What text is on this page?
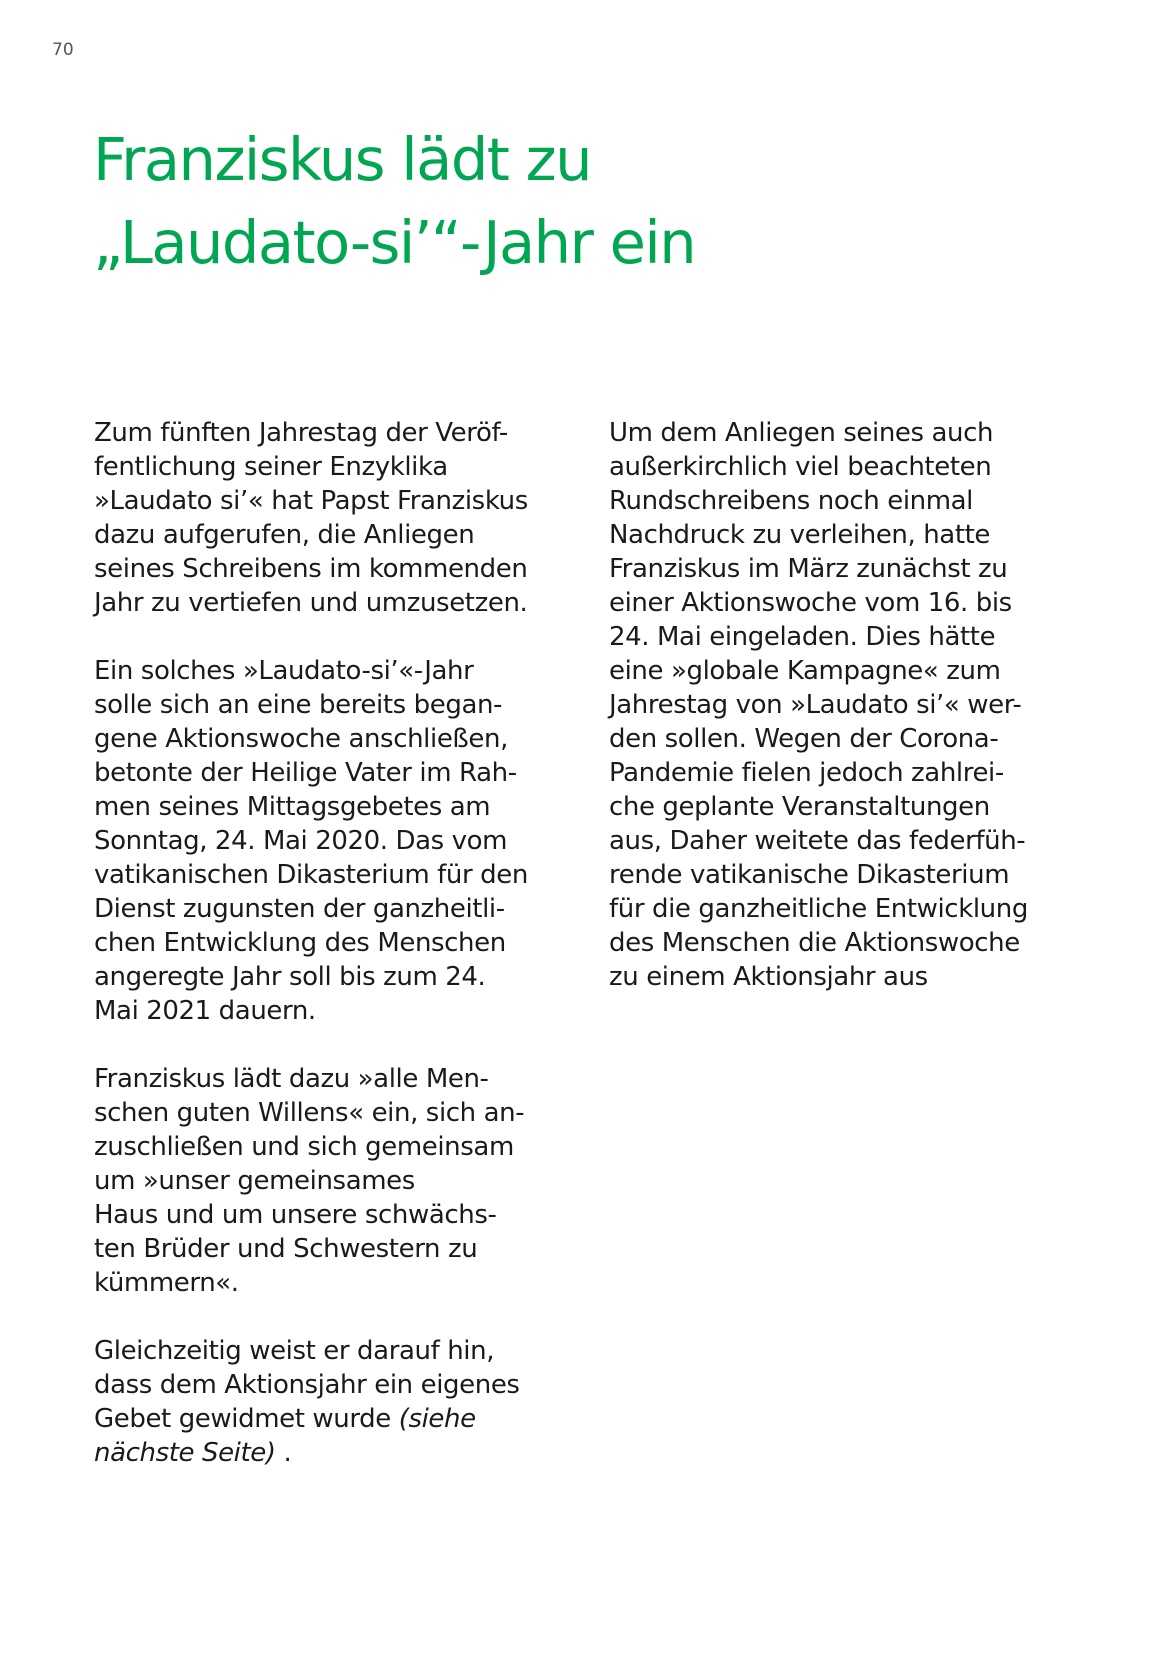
70
Franziskus lädt zu
„Laudato-si’“-Jahr ein

Zum fünften Jahrestag der Veröf-
fentlichung seiner Enzyklika
»Laudato si’« hat Papst Franziskus
dazu aufgerufen, die Anliegen
seines Schreibens im kommenden
Jahr zu vertiefen und umzusetzen.

Ein solches »Laudato-si’«-Jahr
solle sich an eine bereits began-
gene Aktionswoche anschließen,
betonte der Heilige Vater im Rah-
men seines Mittagsgebetes am
Sonntag, 24. Mai 2020. Das vom
vatikanischen Dikasterium für den
Dienst zugunsten der ganzheitli-
chen Entwicklung des Menschen
angeregte Jahr soll bis zum 24.
Mai 2021 dauern.

Franziskus lädt dazu »alle Men-
schen guten Willens« ein, sich an-
zuschließen und sich gemeinsam
um »unser gemeinsames
Haus und um unsere schwächs-
ten Brüder und Schwestern zu
kümmern«.

Gleichzeitig weist er darauf hin,
dass dem Aktionsjahr ein eigenes
Gebet gewidmet wurde (siehe
nächste Seite) .

Um dem Anliegen seines auch
außerkirchlich viel beachteten
Rundschreibens noch einmal
Nachdruck zu verleihen, hatte
Franziskus im März zunächst zu
einer Aktionswoche vom 16. bis
24. Mai eingeladen. Dies hätte
eine »globale Kampagne« zum
Jahrestag von »Laudato si’« wer-
den sollen. Wegen der Corona-
Pandemie fielen jedoch zahlrei-
che geplante Veranstaltungen
aus, Daher weitete das federfüh-
rende vatikanische Dikasterium
für die ganzheitliche Entwicklung
des Menschen die Aktionswoche
zu einem Aktionsjahr aus
